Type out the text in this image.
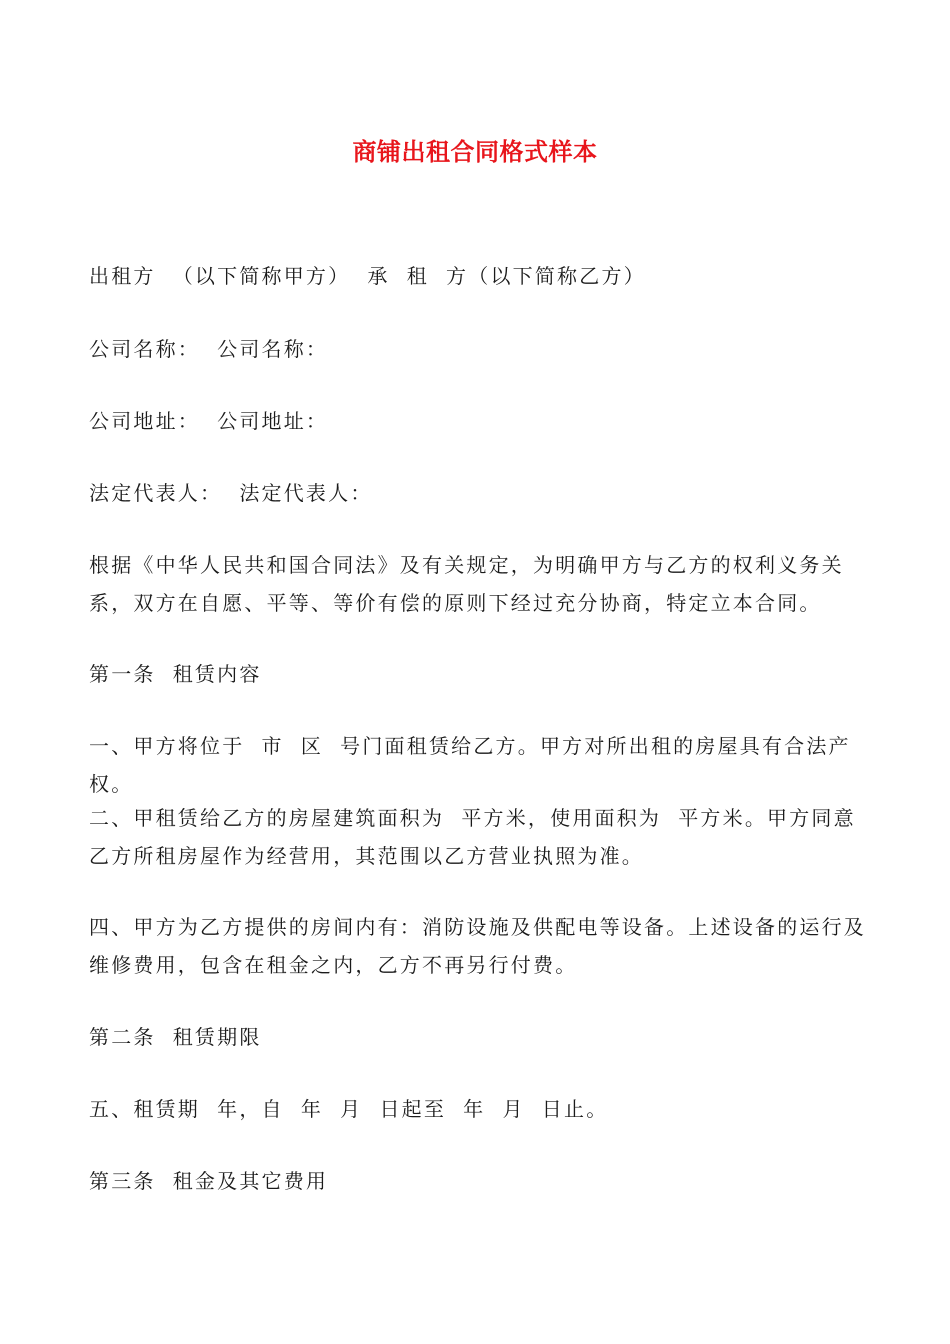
商铺出租合同格式样本
出租方  （以下简称甲方）  承  租  方（以下简称乙方）
公司名称：  公司名称：
公司地址：  公司地址：
法定代表人：  法定代表人：
根据《中华人民共和国合同法》及有关规定，为明确甲方与乙方的权利义务关系，双方在自愿、平等、等价有偿的原则下经过充分协商，特定立本合同。
第一条  租赁内容
一、甲方将位于  市  区  号门面租赁给乙方。甲方对所出租的房屋具有合法产权。
二、甲租赁给乙方的房屋建筑面积为  平方米，使用面积为  平方米。甲方同意乙方所租房屋作为经营用，其范围以乙方营业执照为准。
四、甲方为乙方提供的房间内有：消防设施及供配电等设备。上述设备的运行及维修费用，包含在租金之内，乙方不再另行付费。
第二条  租赁期限
五、租赁期  年，自  年  月  日起至  年  月  日止。
第三条  租金及其它费用
